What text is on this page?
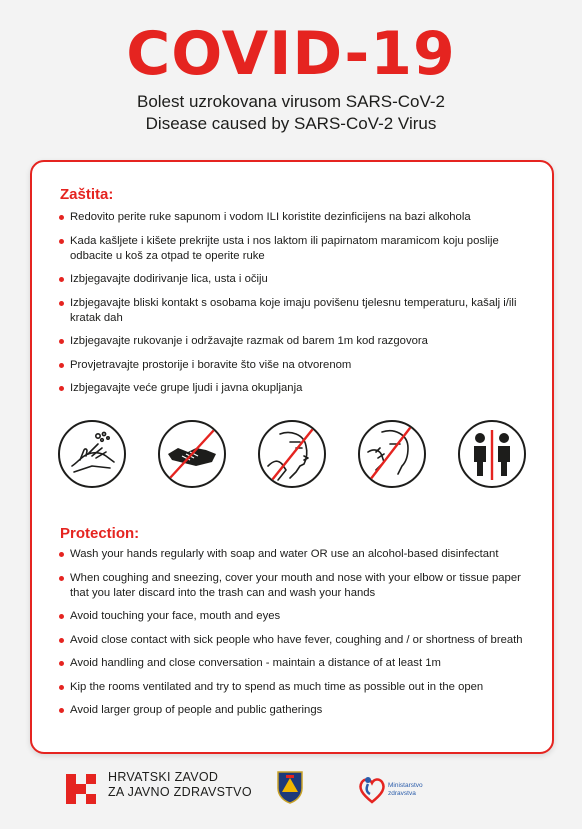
COVID-19
Bolest uzrokovana virusom SARS-CoV-2
Disease caused by SARS-CoV-2 Virus
Zaštita:
Redovito perite ruke sapunom i vodom ILI koristite dezinficijens na bazi alkohola
Kada kašljete i kišete prekrijte usta i nos laktom ili papirnatom maramicom koju poslije odbacite u koš za otpad te operite ruke
Izbjegavajte dodirivanje lica, usta i očiju
Izbjegavajte bliski kontakt s osobama koje imaju povišenu tjelesnu temperaturu, kašalj i/ili kratak dah
Izbjegavajte rukovanje i održavajte razmak od barem 1m kod razgovora
Provjetravajte prostorije i boravite što više na otvorenom
Izbjegavajte veće grupe ljudi i javna okupljanja
Protection:
Wash your hands regularly with soap and water OR use an alcohol-based disinfectant
When coughing and sneezing, cover your mouth and nose with your elbow or tissue paper that you later discard into the trash can and wash your hands
Avoid touching your face, mouth and eyes
Avoid close contact with sick people who have fever, coughing and / or shortness of breath
Avoid handling and close conversation - maintain a distance of at least 1m
Kip the rooms ventilated and try to spend as much time as possible out in the open
Avoid larger group of people and public gatherings
HRVATSKI ZAVOD
ZA JAVNO ZDRAVSTVO	Ministarstvo
zdravstva
